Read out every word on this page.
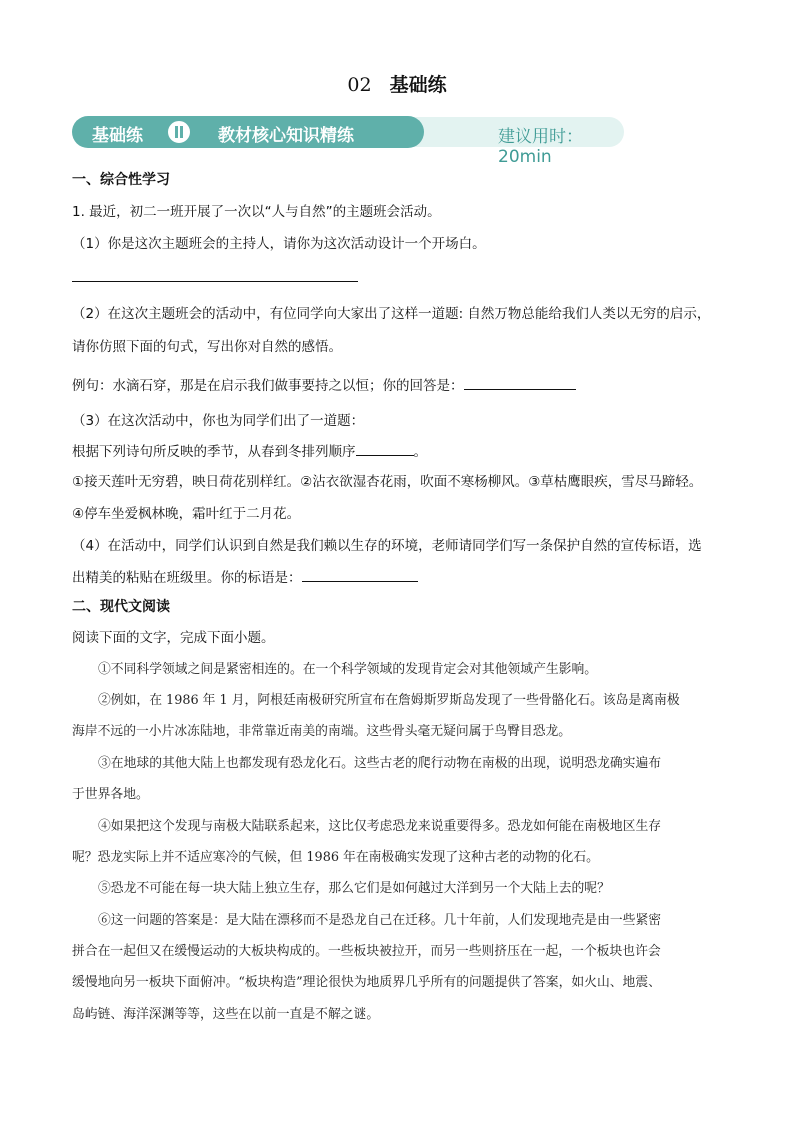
02 基础练
建议用时：20min
基础练	教材核心知识精练
一、综合性学习
1. 最近，初二一班开展了一次以“人与自然”的主题班会活动。
（1）你是这次主题班会的主持人，请你为这次活动设计一个开场白。
（2）在这次主题班会的活动中，有位同学向大家出了这样一道题: 自然万物总能给我们人类以无穷的启示，
请你仿照下面的句式，写出你对自然的感悟。
例句：水滴石穿，那是在启示我们做事要持之以恒；你的回答是：
（3）在这次活动中，你也为同学们出了一道题：
根据下列诗句所反映的季节，从春到冬排列顺序	。
①接天莲叶无穷碧，映日荷花别样红。②沾衣欲湿杏花雨，吹面不寒杨柳风。③草枯鹰眼疾，雪尽马蹄轻。
④停车坐爱枫林晚，霜叶红于二月花。
（4）在活动中，同学们认识到自然是我们赖以生存的环境，老师请同学们写一条保护自然的宣传标语，选
出精美的粘贴在班级里。你的标语是：
二、现代文阅读
阅读下面的文字，完成下面小题。
①不同科学领域之间是紧密相连的。在一个科学领域的发现肯定会对其他领域产生影响。
②例如，在 1986 年 1 月，阿根廷南极研究所宣布在詹姆斯罗斯岛发现了一些骨骼化石。该岛是离南极
海岸不远的一小片冰冻陆地，非常靠近南美的南端。这些骨头毫无疑问属于鸟臀目恐龙。
③在地球的其他大陆上也都发现有恐龙化石。这些古老的爬行动物在南极的出现，说明恐龙确实遍布
于世界各地。
④如果把这个发现与南极大陆联系起来，这比仅考虑恐龙来说重要得多。恐龙如何能在南极地区生存
呢？恐龙实际上并不适应寒冷的气候，但 1986 年在南极确实发现了这种古老的动物的化石。
⑤恐龙不可能在每一块大陆上独立生存，那么它们是如何越过大洋到另一个大陆上去的呢？
⑥这一问题的答案是：是大陆在漂移而不是恐龙自己在迁移。几十年前，人们发现地壳是由一些紧密
拼合在一起但又在缓慢运动的大板块构成的。一些板块被拉开，而另一些则挤压在一起，一个板块也许会
缓慢地向另一板块下面俯冲。“板块构造”理论很快为地质界几乎所有的问题提供了答案，如火山、地震、
岛屿链、海洋深渊等等，这些在以前一直是不解之谜。
